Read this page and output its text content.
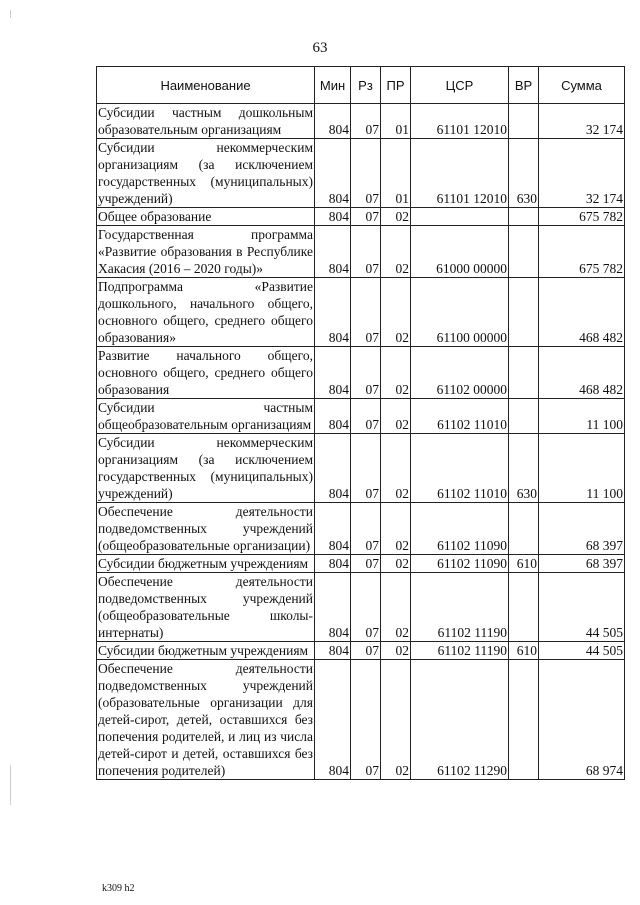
63
Наименование	Мин	Рз	ПР	ЦСР	ВР	Сумма
Субсидии частным дошкольным образовательным организациям	804	07	01	61101 12010		32 174
Субсидии некоммерческим организациям (за исключением государственных (муниципальных) учреждений)	804	07	01	61101 12010	630	32 174
Общее образование	804	07	02			675 782
Государственная программа «Развитие образования в Республике Хакасия (2016 – 2020 годы)»	804	07	02	61000 00000		675 782
Подпрограмма «Развитие дошкольного, начального общего, основного общего, среднего общего образования»	804	07	02	61100 00000		468 482
Развитие начального общего, основного общего, среднего общего образования	804	07	02	61102 00000		468 482
Субсидии частным общеобразовательным организациям	804	07	02	61102 11010		11 100
Субсидии некоммерческим организациям (за исключением государственных (муниципальных) учреждений)	804	07	02	61102 11010	630	11 100
Обеспечение деятельности подведомственных учреждений (общеобразовательные организации)	804	07	02	61102 11090		68 397
Субсидии бюджетным учреждениям	804	07	02	61102 11090	610	68 397
Обеспечение деятельности подведомственных учреждений (общеобразовательные школы-интернаты)	804	07	02	61102 11190		44 505
Субсидии бюджетным учреждениям	804	07	02	61102 11190	610	44 505
Обеспечение деятельности подведомственных учреждений (образовательные организации для детей-сирот, детей, оставшихся без попечения родителей, и лиц из числа детей-сирот и детей, оставшихся без попечения родителей)	804	07	02	61102 11290		68 974
k309 h2
